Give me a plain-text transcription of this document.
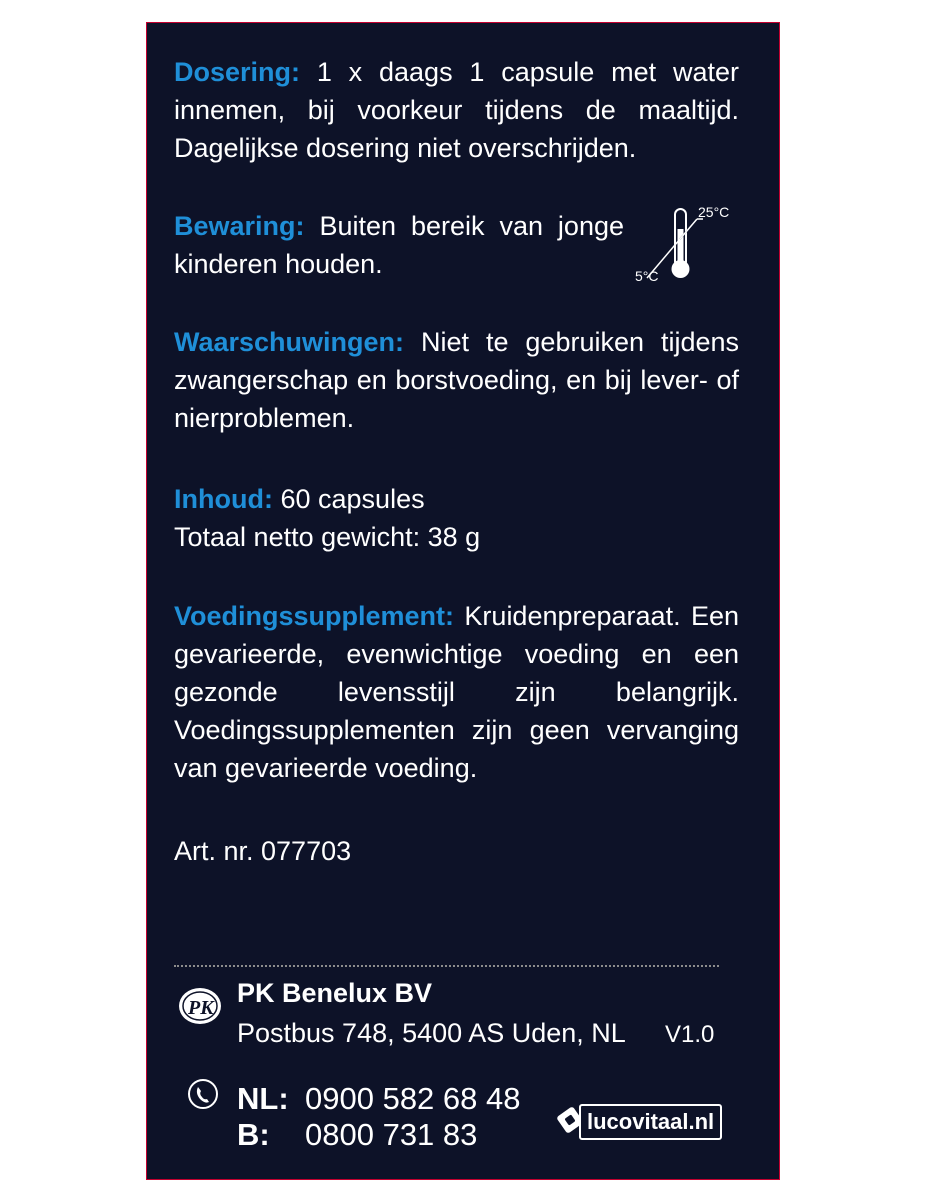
Dosering: 1 x daags 1 capsule met water innemen, bij voorkeur tijdens de maaltijd. Dagelijkse dosering niet overschrijden.
Bewaring: Buiten bereik van jonge kinderen houden.
25°C
5°C
Waarschuwingen: Niet te gebruiken tijdens zwangerschap en borstvoeding, en bij lever- of nierproblemen.
Inhoud: 60 capsules
Totaal netto gewicht: 38 g
Voedingssupplement: Kruidenpreparaat. Een gevarieerde, evenwichtige voeding en een gezonde levensstijl zijn belangrijk. Voedingssupplementen zijn geen vervanging van gevarieerde voeding.
Art. nr. 077703
PK PK Benelux BV
Postbus 748, 5400 AS Uden, NL V1.0
NL: 0900 582 68 48
B: 0800 731 83	lucovitaal.nl
